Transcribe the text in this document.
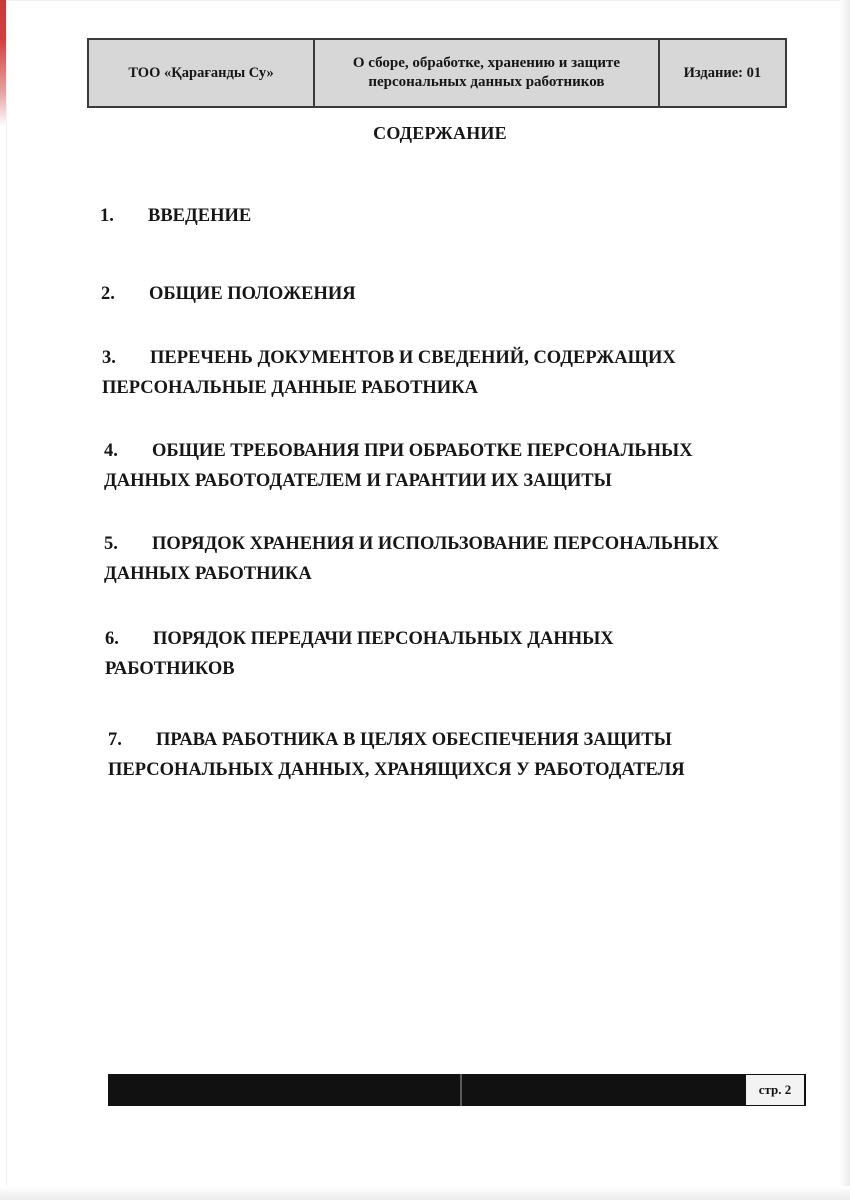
ТОО «Қарағанды Су»	О сборе, обработке, хранению и защите персональных данных работников	Издание: 01
СОДЕРЖАНИЕ
1. ВВЕДЕНИЕ
2. ОБЩИЕ ПОЛОЖЕНИЯ
3. ПЕРЕЧЕНЬ ДОКУМЕНТОВ И СВЕДЕНИЙ, СОДЕРЖАЩИХ
ПЕРСОНАЛЬНЫЕ ДАННЫЕ РАБОТНИКА
4. ОБЩИЕ ТРЕБОВАНИЯ ПРИ ОБРАБОТКЕ ПЕРСОНАЛЬНЫХ
ДАННЫХ РАБОТОДАТЕЛЕМ И ГАРАНТИИ ИХ ЗАЩИТЫ
5. ПОРЯДОК ХРАНЕНИЯ И ИСПОЛЬЗОВАНИЕ ПЕРСОНАЛЬНЫХ
ДАННЫХ РАБОТНИКА
6. ПОРЯДОК ПЕРЕДАЧИ ПЕРСОНАЛЬНЫХ ДАННЫХ
РАБОТНИКОВ
7. ПРАВА РАБОТНИКА В ЦЕЛЯХ ОБЕСПЕЧЕНИЯ ЗАЩИТЫ
ПЕРСОНАЛЬНЫХ ДАННЫХ, ХРАНЯЩИХСЯ У РАБОТОДАТЕЛЯ
стр. 2
